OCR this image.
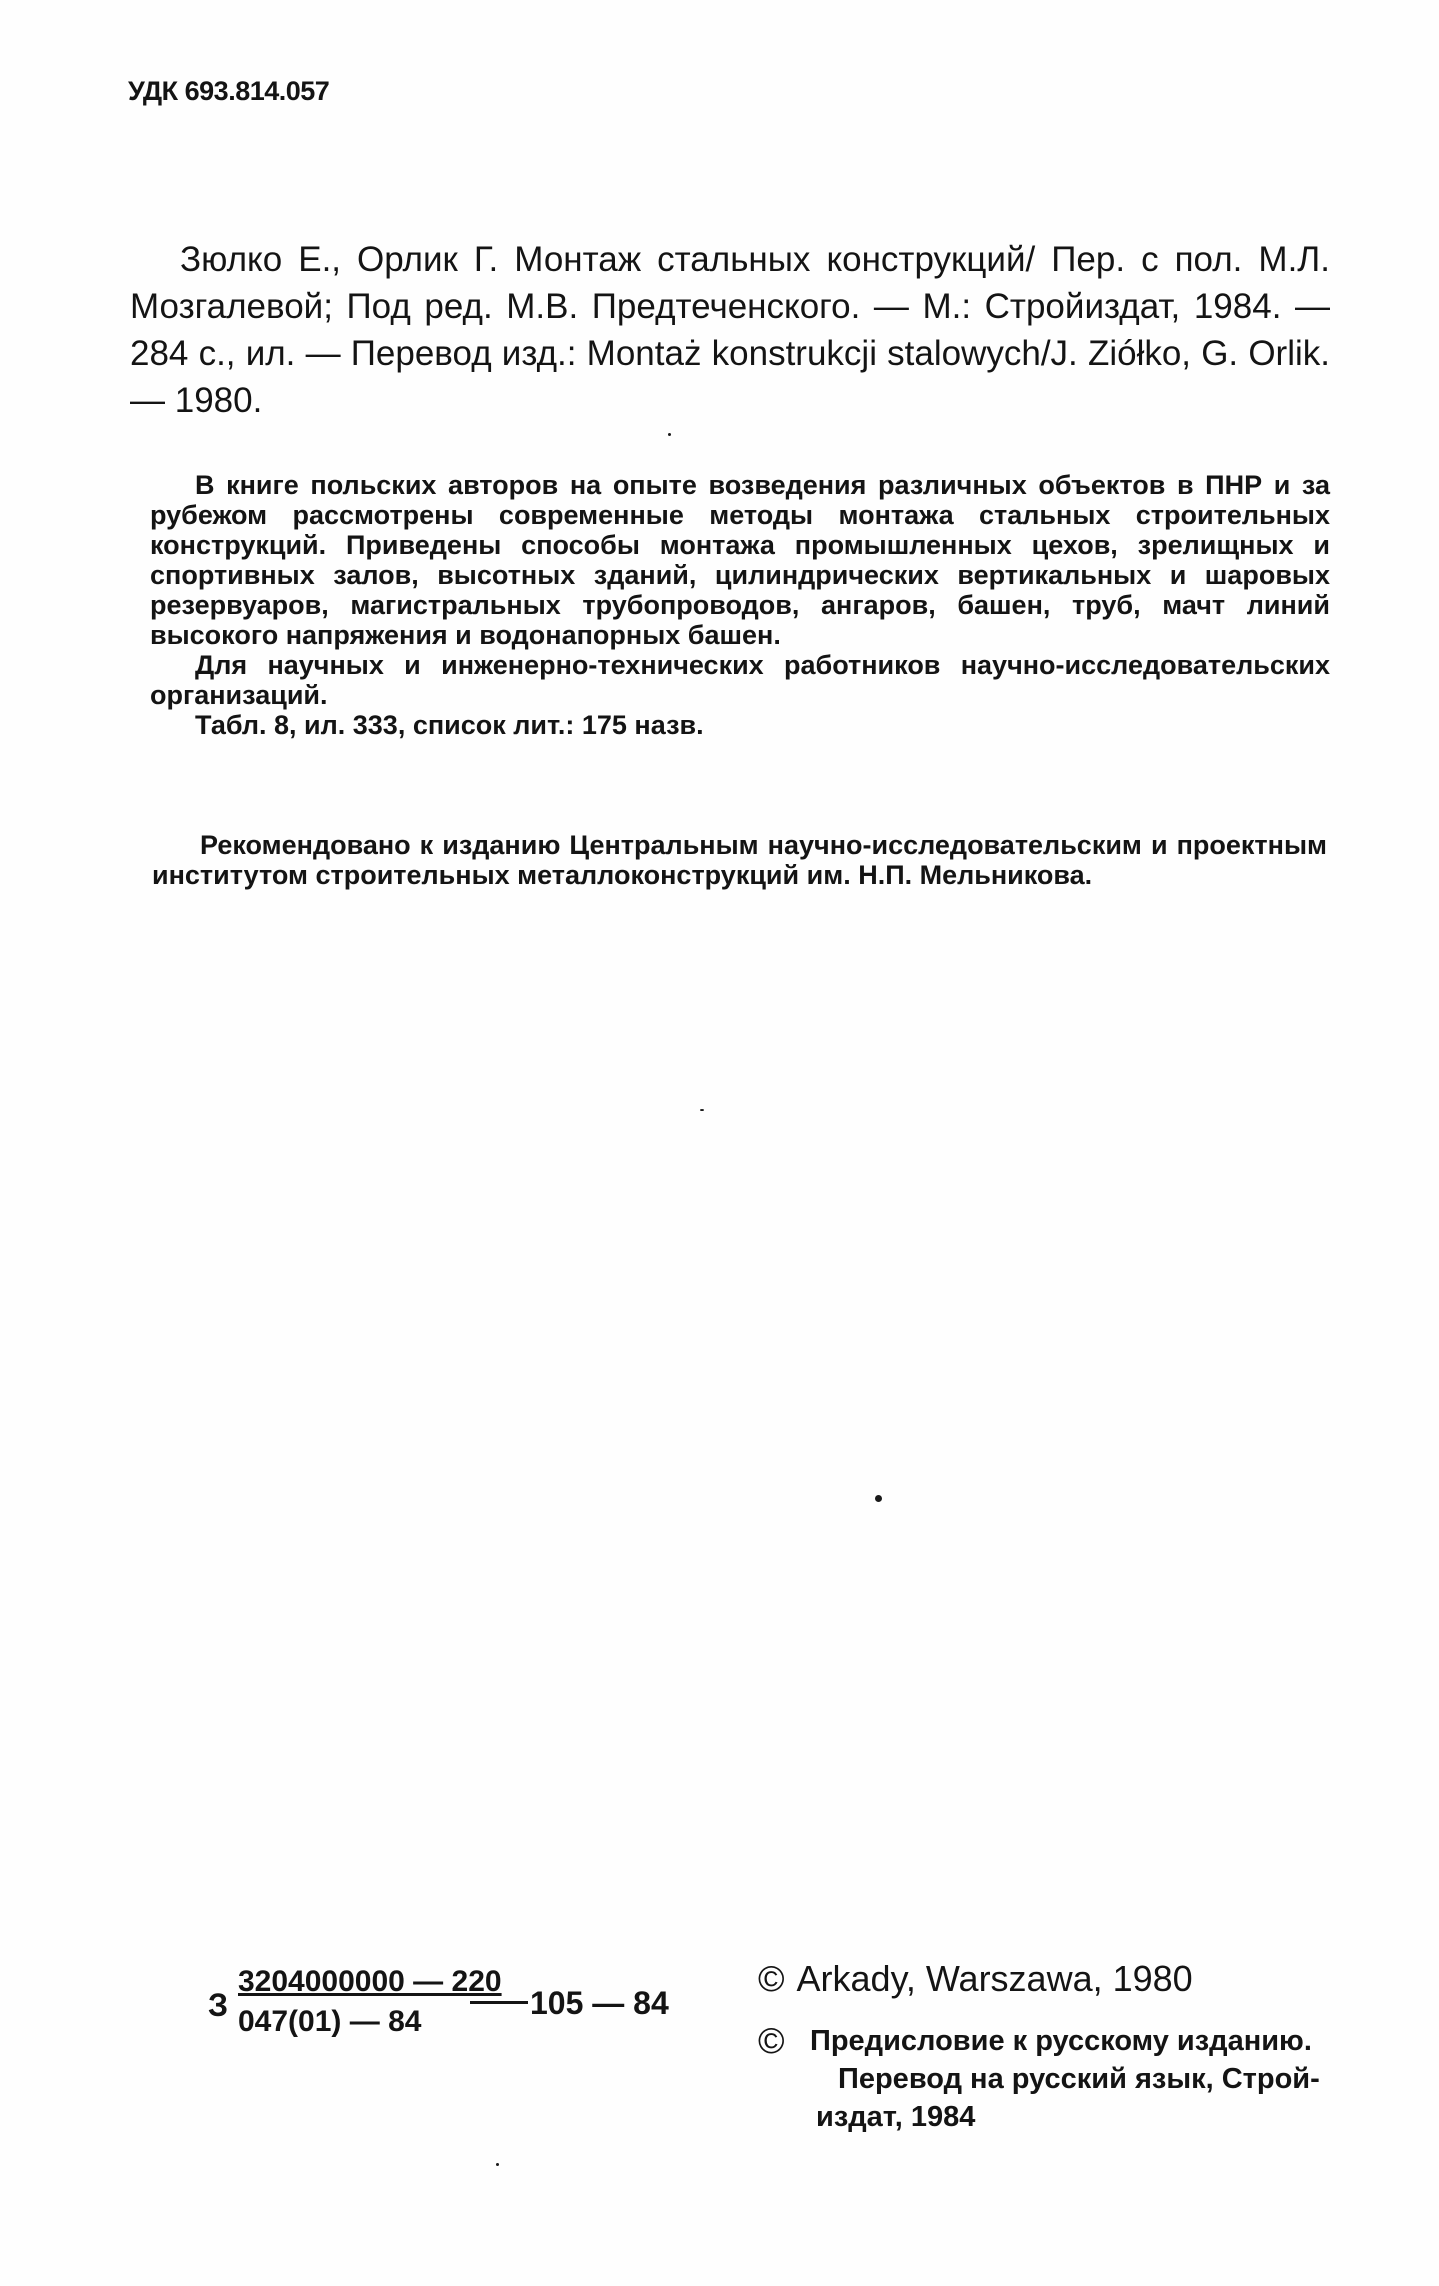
УДК 693.814.057

Зюлко Е., Орлик Г. Монтаж стальных конструкций/ Пер. с пол. М.Л. Мозгалевой; Под ред. М.В. Предтеченского. — М.: Стройиздат, 1984. — 284 с., ил. — Перевод изд.: Montaż konstrukcji stalowych/J. Ziółko, G. Orlik. — 1980.

В книге польских авторов на опыте возведения различных объектов в ПНР и за рубежом рассмотрены современные методы монтажа стальных строительных конструкций. Приведены способы монтажа промышленных цехов, зрелищных и спортивных залов, высотных зданий, цилиндрических вертикальных и шаровых резервуаров, магистральных трубопроводов, ангаров, башен, труб, мачт линий высокого напряжения и водонапорных башен.

Для научных и инженерно-технических работников научно-исследовательских организаций.

Табл. 8, ил. 333, список лит.: 175 назв.

Рекомендовано к изданию Центральным научно-исследовательским и проектным институтом строительных металлоконструкций им. Н.П. Мельникова.

З
3204000000 — 220
047(01) — 84
105 — 84
© Arkady, Warszawa, 1980
© Предисловие к русскому изданию.
Перевод на русский язык, Строй-
издат, 1984
